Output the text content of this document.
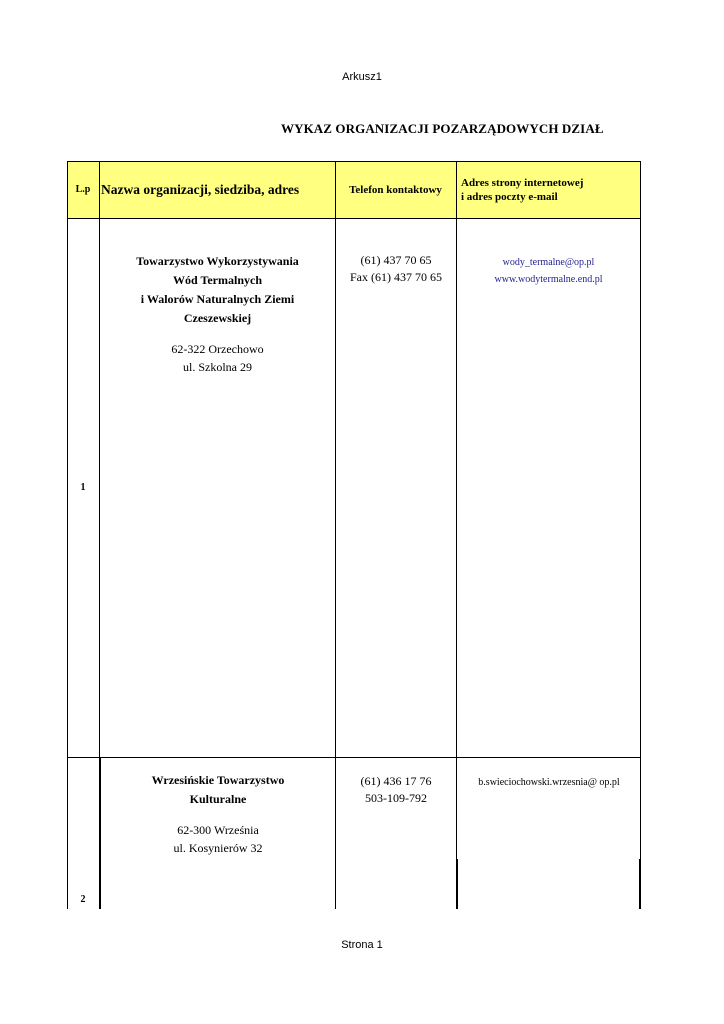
Arkusz1
WYKAZ ORGANIZACJI POZARZĄDOWYCH DZIAŁ
L.p Nazwa organizacji, siedziba, adres	Telefon kontaktowy
Adres strony internetowej
i adres poczty e-mail
1
Towarzystwo Wykorzystywania
Wód Termalnych
i Walorów Naturalnych Ziemi
Czeszewskiej
62-322 Orzechowo
ul. Szkolna 29
(61) 437 70 65
Fax (61) 437 70 65
wody_termalne@op.pl
www.wodytermalne.end.pl
2
Wrzesińskie Towarzystwo
Kulturalne
62-300 Września
ul. Kosynierów 32
(61) 436 17 76
503-109-792
b.swieciochowski.wrzesnia@ op.pl
Strona 1
